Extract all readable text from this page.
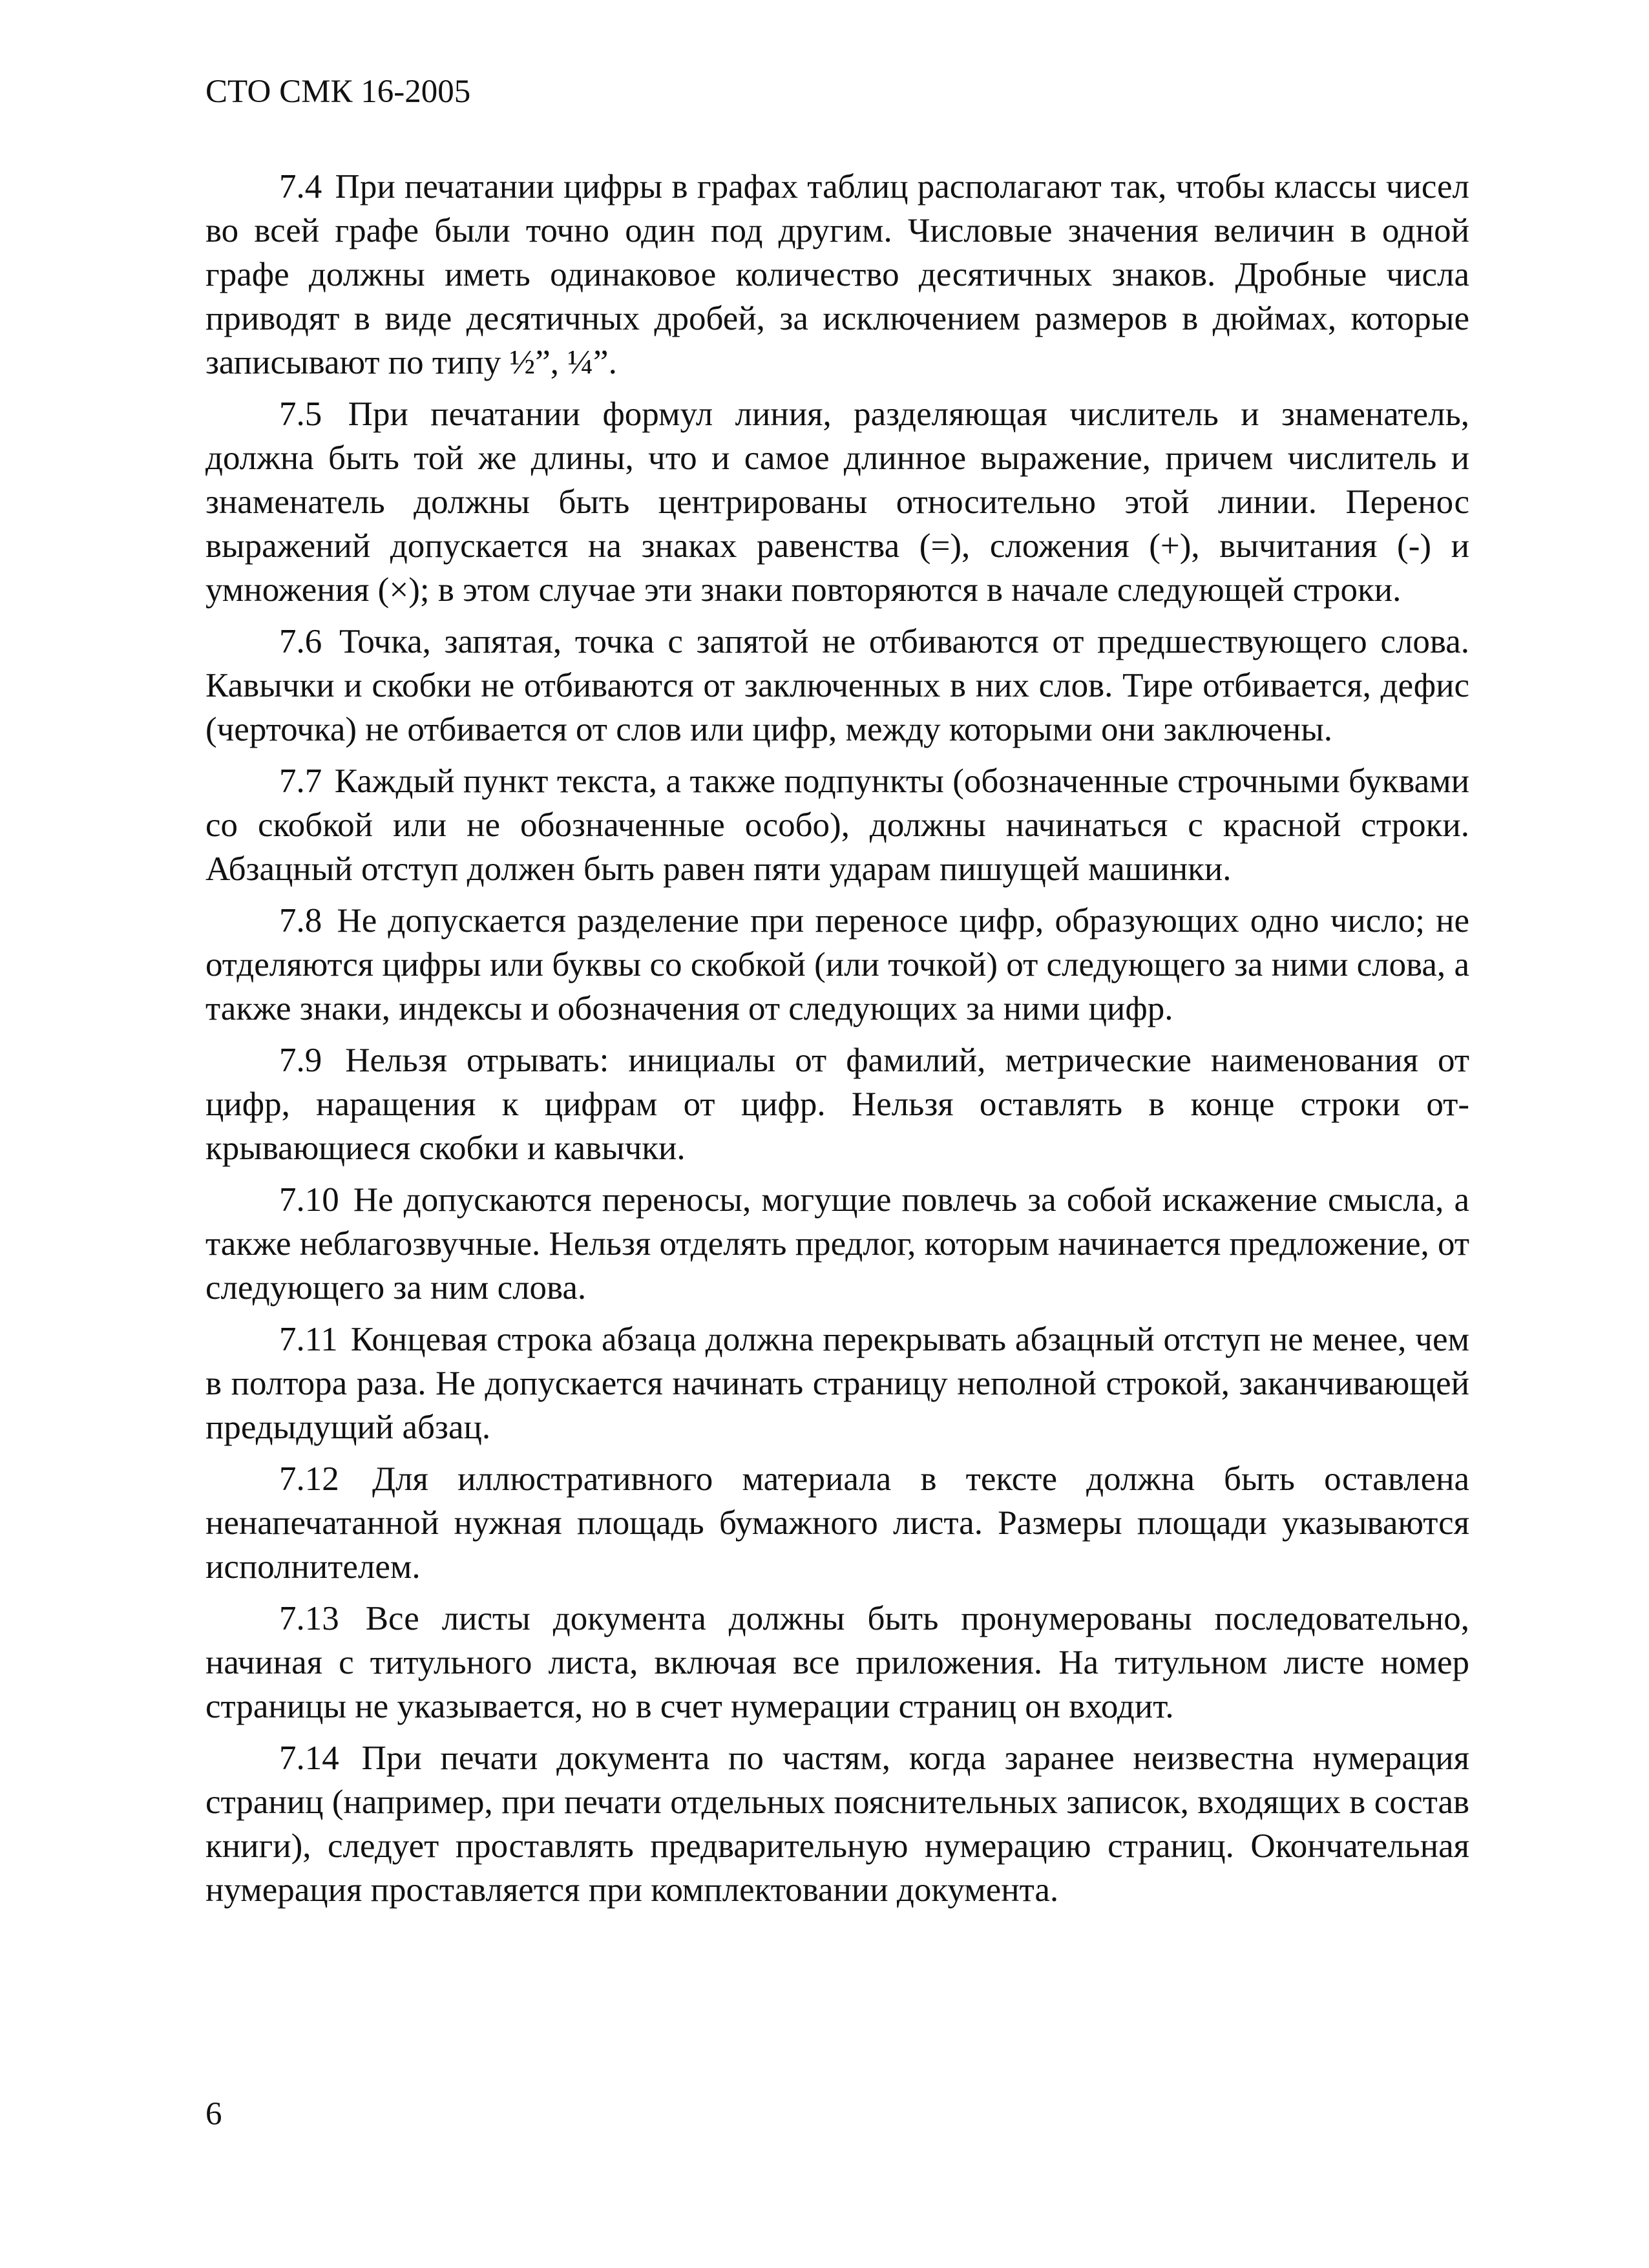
СТО СМК 16-2005

7.4 При печатании цифры в графах таблиц располагают так, чтобы классы чисел во всей графе были точно один под другим. Числовые значения величин в одной графе должны иметь одинаковое количество десятичных знаков. Дробные числа приводят в виде десятичных дробей, за исключением размеров в дюймах, которые записывают по типу ½”, ¼”.

7.5 При печатании формул линия, разделяющая числитель и знаменатель, должна быть той же длины, что и самое длинное выражение, причем числитель и знаменатель должны быть центрированы относительно этой линии. Перенос выражений допускается на знаках равенства (=), сложения (+), вычитания (-) и умножения (×); в этом случае эти знаки повторяются в начале следующей строки.

7.6 Точка, запятая, точка с запятой не отбиваются от предшествующего слова. Кавычки и скобки не отбиваются от заключенных в них слов. Тире отбивается, дефис (черточка) не отбивается от слов или цифр, между которыми они заключены.

7.7 Каждый пункт текста, а также подпункты (обозначенные строчными буквами со скобкой или не обозначенные особо), должны начинаться с красной строки. Абзацный отступ должен быть равен пяти ударам пишущей машинки.

7.8 Не допускается разделение при переносе цифр, образующих одно число; не отделяются цифры или буквы со скобкой (или точкой) от следующего за ними слова, а также знаки, индексы и обозначения от следующих за ними цифр.

7.9 Нельзя отрывать: инициалы от фамилий, метрические наименования от цифр, наращения к цифрам от цифр. Нельзя оставлять в конце строки открывающиеся скобки и кавычки.

7.10 Не допускаются переносы, могущие повлечь за собой искажение смысла, а также неблагозвучные. Нельзя отделять предлог, которым начинается предложение, от следующего за ним слова.

7.11 Концевая строка абзаца должна перекрывать абзацный отступ не менее, чем в полтора раза. Не допускается начинать страницу неполной строкой, заканчивающей предыдущий абзац.

7.12 Для иллюстративного материала в тексте должна быть оставлена ненапечатанной нужная площадь бумажного листа. Размеры площади указываются исполнителем.

7.13 Все листы документа должны быть пронумерованы последовательно, начиная с титульного листа, включая все приложения. На титульном листе номер страницы не указывается, но в счет нумерации страниц он входит.

7.14 При печати документа по частям, когда заранее неизвестна нумерация страниц (например, при печати отдельных пояснительных записок, входящих в состав книги), следует проставлять предварительную нумерацию страниц. Окончательная нумерация проставляется при комплектовании документа.

6
